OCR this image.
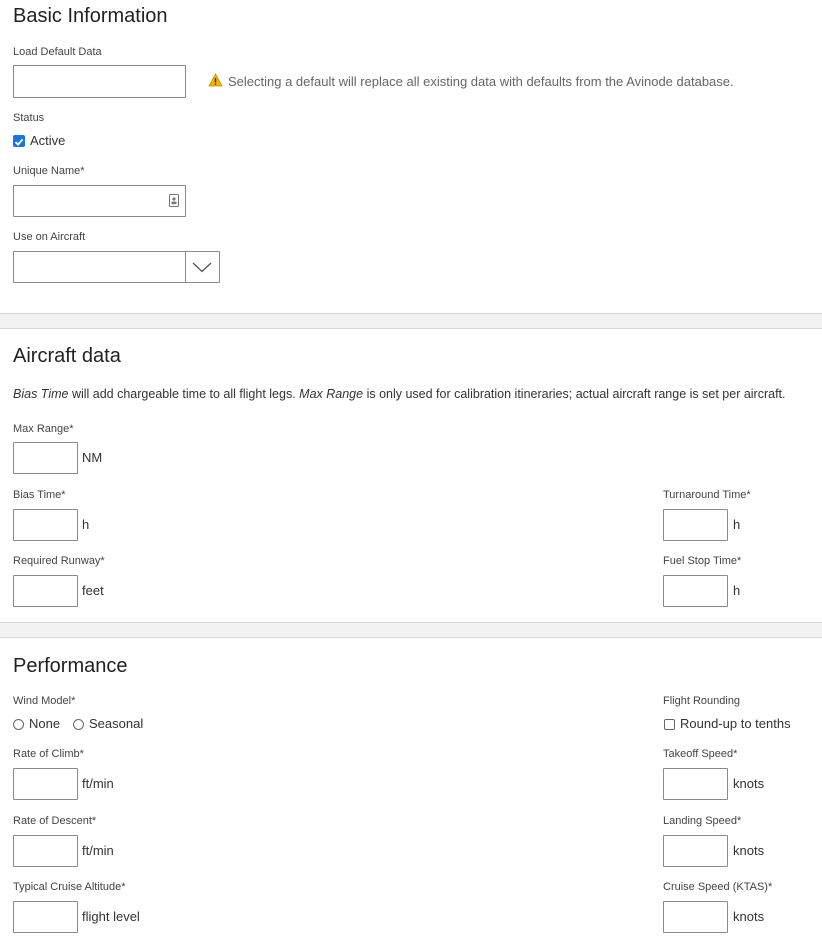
Basic Information
Load Default Data
Selecting a default will replace all existing data with defaults from the Avinode database.
Status
Active
Unique Name*
Use on Aircraft
Aircraft data
Bias Time will add chargeable time to all flight legs. Max Range is only used for calibration itineraries; actual aircraft range is set per aircraft.
Max Range*
NM
Bias Time*
h
Turnaround Time*
h
Required Runway*
feet
Fuel Stop Time*
h
Performance
Wind Model*
None Seasonal
Flight Rounding
Round-up to tenths
Rate of Climb*
ft/min
Takeoff Speed*
knots
Rate of Descent*
ft/min
Landing Speed*
knots
Typical Cruise Altitude*
flight level
Cruise Speed (KTAS)*
knots
